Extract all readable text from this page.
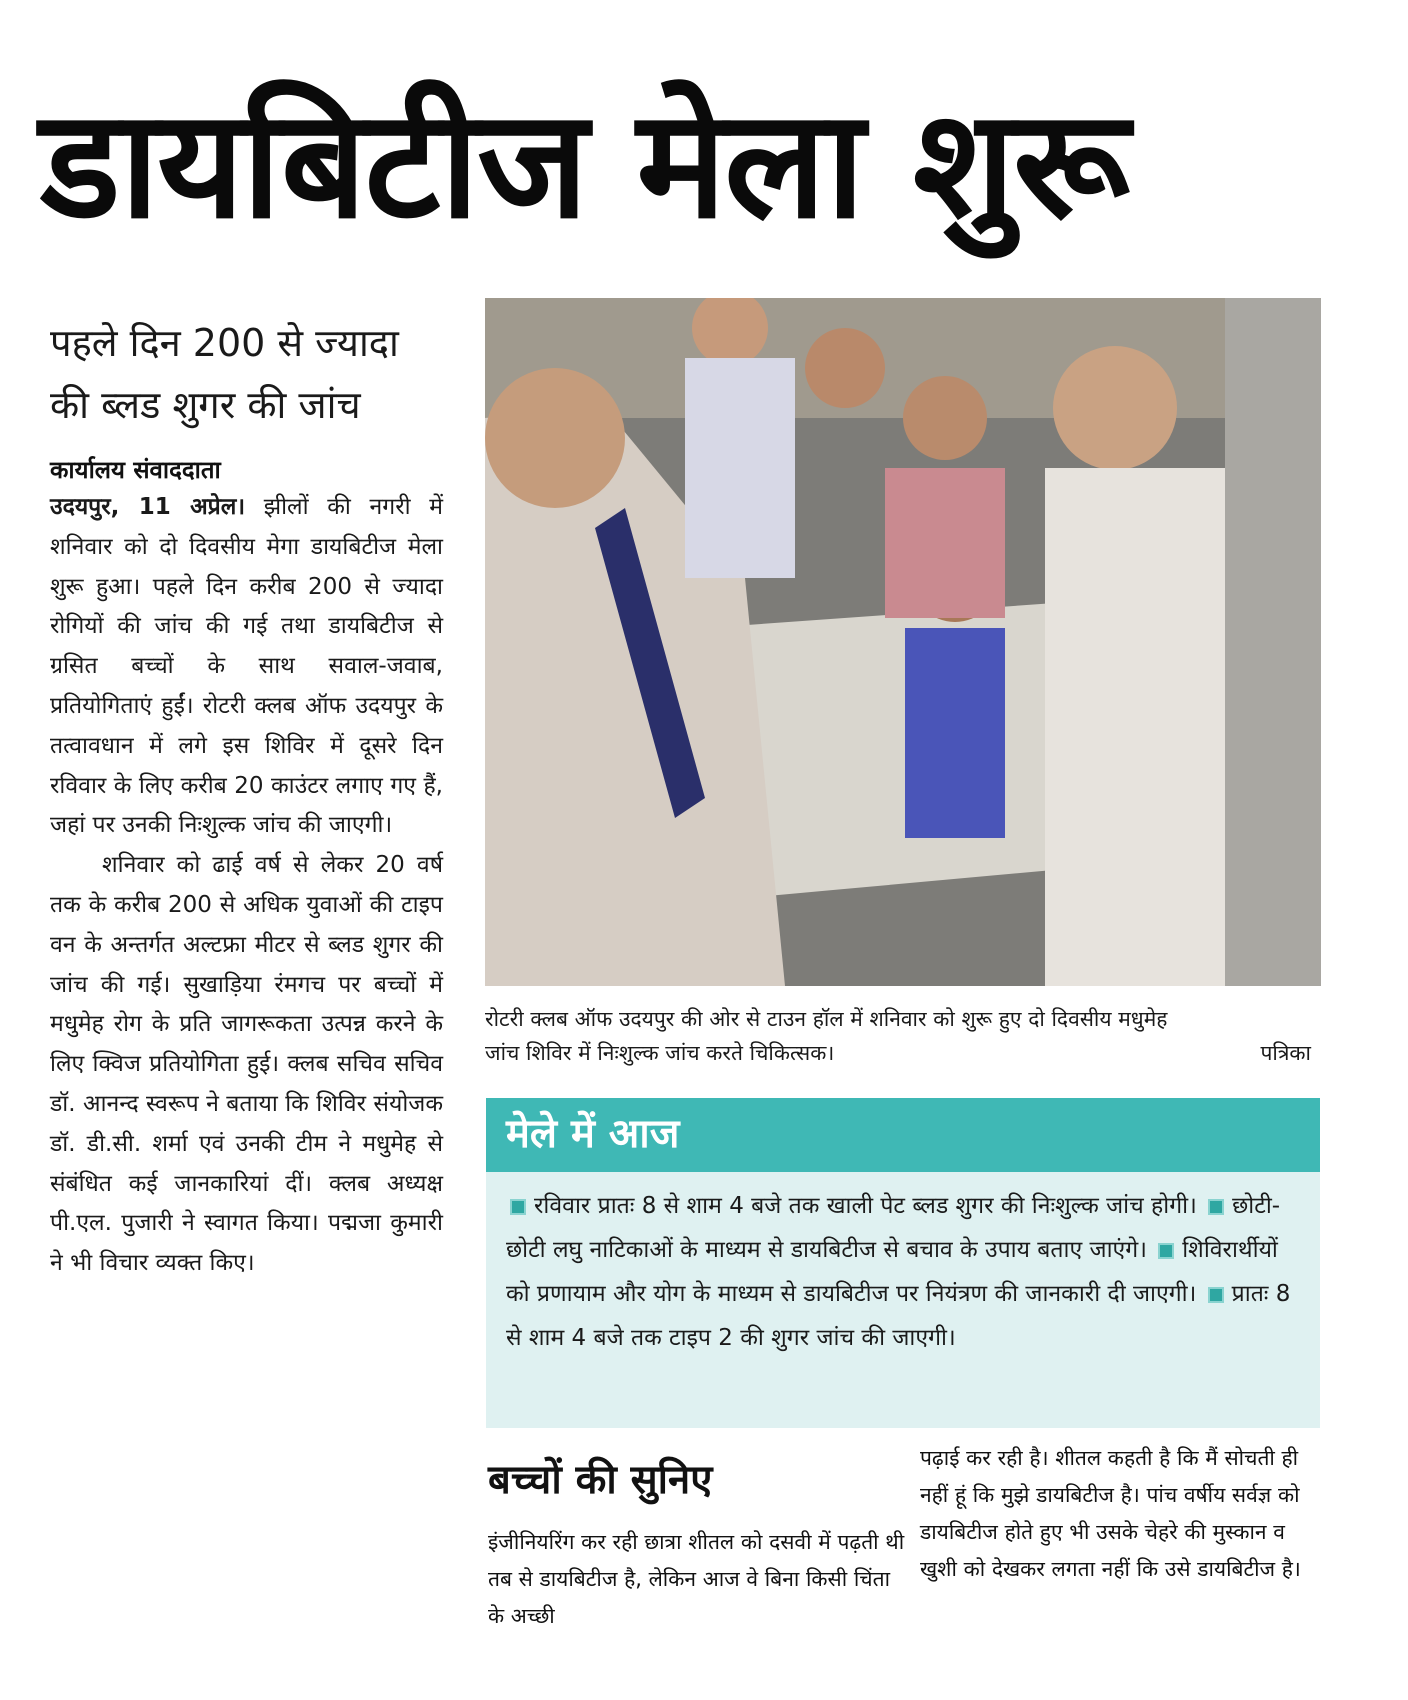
डायबिटीज मेला शुरू
पहले दिन 200 से ज्यादा
की ब्लड शुगर की जांच
कार्यालय संवाददाता

उदयपुर, 11 अप्रेल। झीलों की नगरी में शनिवार को दो दिवसीय मेगा डायबिटीज मेला शुरू हुआ। पहले दिन करीब 200 से ज्यादा रोगियों की जांच की गई तथा डायबिटीज से ग्रसित बच्चों के साथ सवाल-जवाब, प्रतियोगिताएं हुईं। रोटरी क्लब ऑफ उदयपुर के तत्वावधान में लगे इस शिविर में दूसरे दिन रविवार के लिए करीब 20 काउंटर लगाए गए हैं, जहां पर उनकी निःशुल्क जांच की जाएगी।

शनिवार को ढाई वर्ष से लेकर 20 वर्ष तक के करीब 200 से अधिक युवाओं की टाइप वन के अन्तर्गत अल्टफ्रा मीटर से ब्लड शुगर की जांच की गई। सुखाड़िया रंमगच पर बच्चों में मधुमेह रोग के प्रति जागरूकता उत्पन्न करने के लिए क्विज प्रतियोगिता हुई। क्लब सचिव सचिव डॉ. आनन्द स्वरूप ने बताया कि शिविर संयोजक डॉ. डी.सी. शर्मा एवं उनकी टीम ने मधुमेह से संबंधित कई जानकारियां दीं। क्लब अध्यक्ष पी.एल. पुजारी ने स्वागत किया। पद्मजा कुमारी ने भी विचार व्यक्त किए।

रोटरी क्लब ऑफ उदयपुर की ओर से टाउन हॉल में शनिवार को शुरू हुए दो दिवसीय मधुमेह
जांच शिविर में निःशुल्क जांच करते चिकित्सक।	पत्रिका
मेले में आज
रविवार प्रातः 8 से शाम 4 बजे तक खाली पेट ब्लड शुगर की निःशुल्क जांच होगी। छोटी-छोटी लघु नाटिकाओं के माध्यम से डायबिटीज से बचाव के उपाय बताए जाएंगे। शिविरार्थीयों को प्रणायाम और योग के माध्यम से डायबिटीज पर नियंत्रण की जानकारी दी जाएगी। प्रातः 8 से शाम 4 बजे तक टाइप 2 की शुगर जांच की जाएगी।
बच्चों की सुनिए
इंजीनियरिंग कर रही छात्रा शीतल को दसवी में पढ़ती थी तब से डायबिटीज है, लेकिन आज वे बिना किसी चिंता के अच्छी
पढ़ाई कर रही है। शीतल कहती है कि मैं सोचती ही नहीं हूं कि मुझे डायबिटीज है। पांच वर्षीय सर्वज्ञ को डायबिटीज होते हुए भी उसके चेहरे की मुस्कान व खुशी को देखकर लगता नहीं कि उसे डायबिटीज है।
